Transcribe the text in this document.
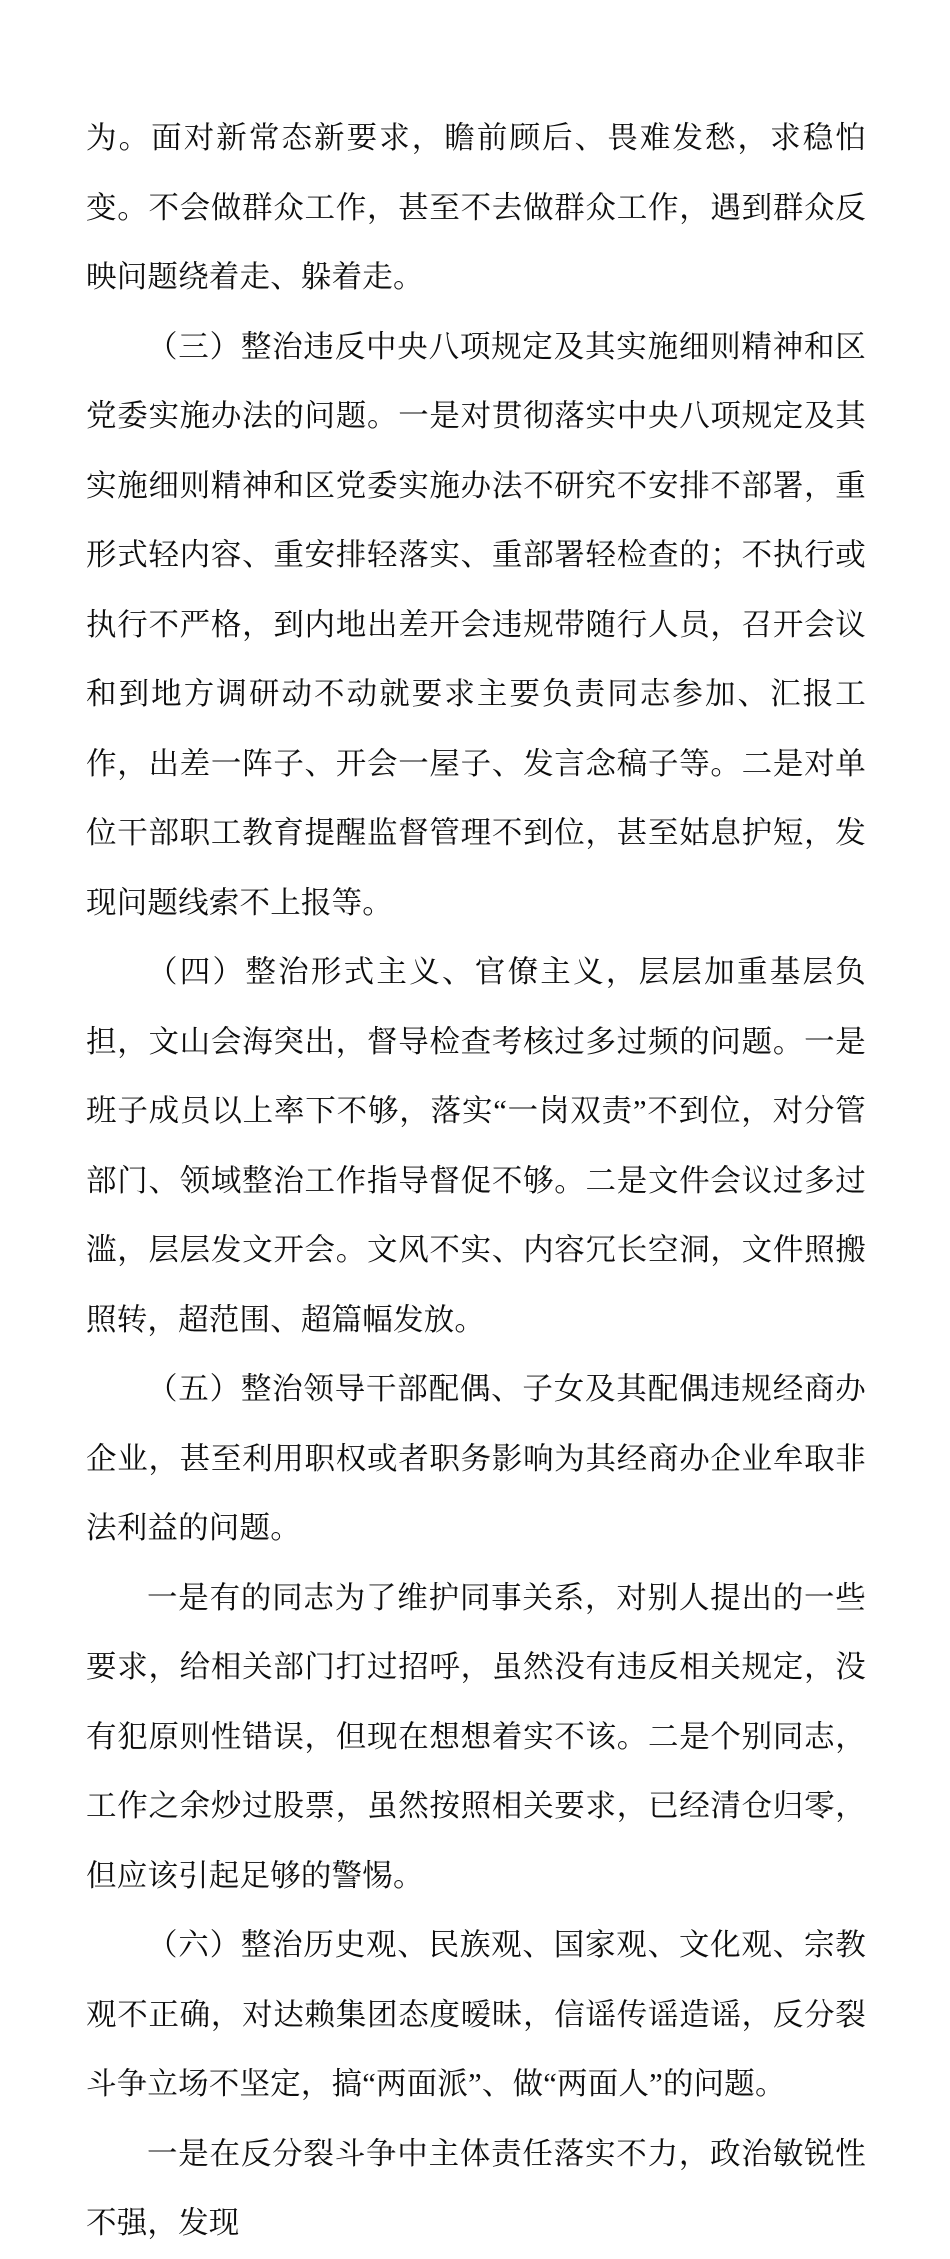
为。面对新常态新要求，瞻前顾后、畏难发愁，求稳怕变。不会做群众工作，甚至不去做群众工作，遇到群众反映问题绕着走、躲着走。

（三）整治违反中央八项规定及其实施细则精神和区党委实施办法的问题。一是对贯彻落实中央八项规定及其实施细则精神和区党委实施办法不研究不安排不部署，重形式轻内容、重安排轻落实、重部署轻检查的；不执行或执行不严格，到内地出差开会违规带随行人员，召开会议和到地方调研动不动就要求主要负责同志参加、汇报工作，出差一阵子、开会一屋子、发言念稿子等。二是对单位干部职工教育提醒监督管理不到位，甚至姑息护短，发现问题线索不上报等。

（四）整治形式主义、官僚主义，层层加重基层负担，文山会海突出，督导检查考核过多过频的问题。一是班子成员以上率下不够，落实“一岗双责”不到位，对分管部门、领域整治工作指导督促不够。二是文件会议过多过滥，层层发文开会。文风不实、内容冗长空洞，文件照搬照转，超范围、超篇幅发放。

（五）整治领导干部配偶、子女及其配偶违规经商办企业，甚至利用职权或者职务影响为其经商办企业牟取非法利益的问题。

一是有的同志为了维护同事关系，对别人提出的一些要求，给相关部门打过招呼，虽然没有违反相关规定，没有犯原则性错误，但现在想想着实不该。二是个别同志，工作之余炒过股票，虽然按照相关要求，已经清仓归零，但应该引起足够的警惕。

（六）整治历史观、民族观、国家观、文化观、宗教观不正确，对达赖集团态度暧昧，信谣传谣造谣，反分裂斗争立场不坚定，搞“两面派”、做“两面人”的问题。

一是在反分裂斗争中主体责任落实不力，政治敏锐性不强，发现
